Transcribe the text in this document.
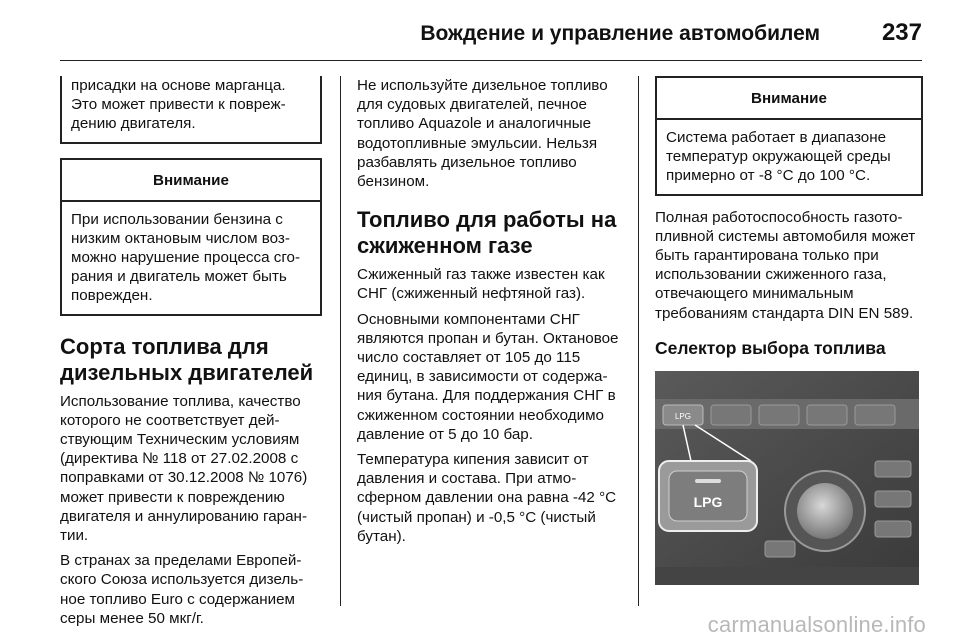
Вождение и управление автомобилем	237
присадки на основе марганца. Это может привести к повреждению двигателя.
Внимание
При использовании бензина с низким октановым числом возможно нарушение процесса сгорания и двигатель может быть поврежден.
Сорта топлива для дизельных двигателей

Использование топлива, качество которого не соответствует действующим Техническим условиям (директива № 118 от 27.02.2008 с поправками от 30.12.2008 № 1076) может привести к повреждению двигателя и аннулированию гарантии.

В странах за пределами Европейского Союза используется дизельное топливо Euro с содержанием серы менее 50 мкг/г.

Не используйте дизельное топливо для судовых двигателей, печное топливо Aquazole и аналогичные водотопливные эмульсии. Нельзя разбавлять дизельное топливо бензином.

Топливо для работы на сжиженном газе

Сжиженный газ также известен как СНГ (сжиженный нефтяной газ).

Основными компонентами СНГ являются пропан и бутан. Октановое число составляет от 105 до 115 единиц, в зависимости от содержания бутана. Для поддержания СНГ в сжиженном состоянии необходимо давление от 5 до 10 бар.

Температура кипения зависит от давления и состава. При атмосферном давлении она равна -42 °C (чистый пропан) и -0,5 °C (чистый бутан).

Внимание
Система работает в диапазоне температур окружающей среды примерно от -8 °C до 100 °C.

Полная работоспособность газотопливной системы автомобиля может быть гарантирована только при использовании сжиженного газа, отвечающего минимальным требованиям стандарта DIN EN 589.

Селектор выбора топлива
LPG
LPG
carmanualsonline.info
